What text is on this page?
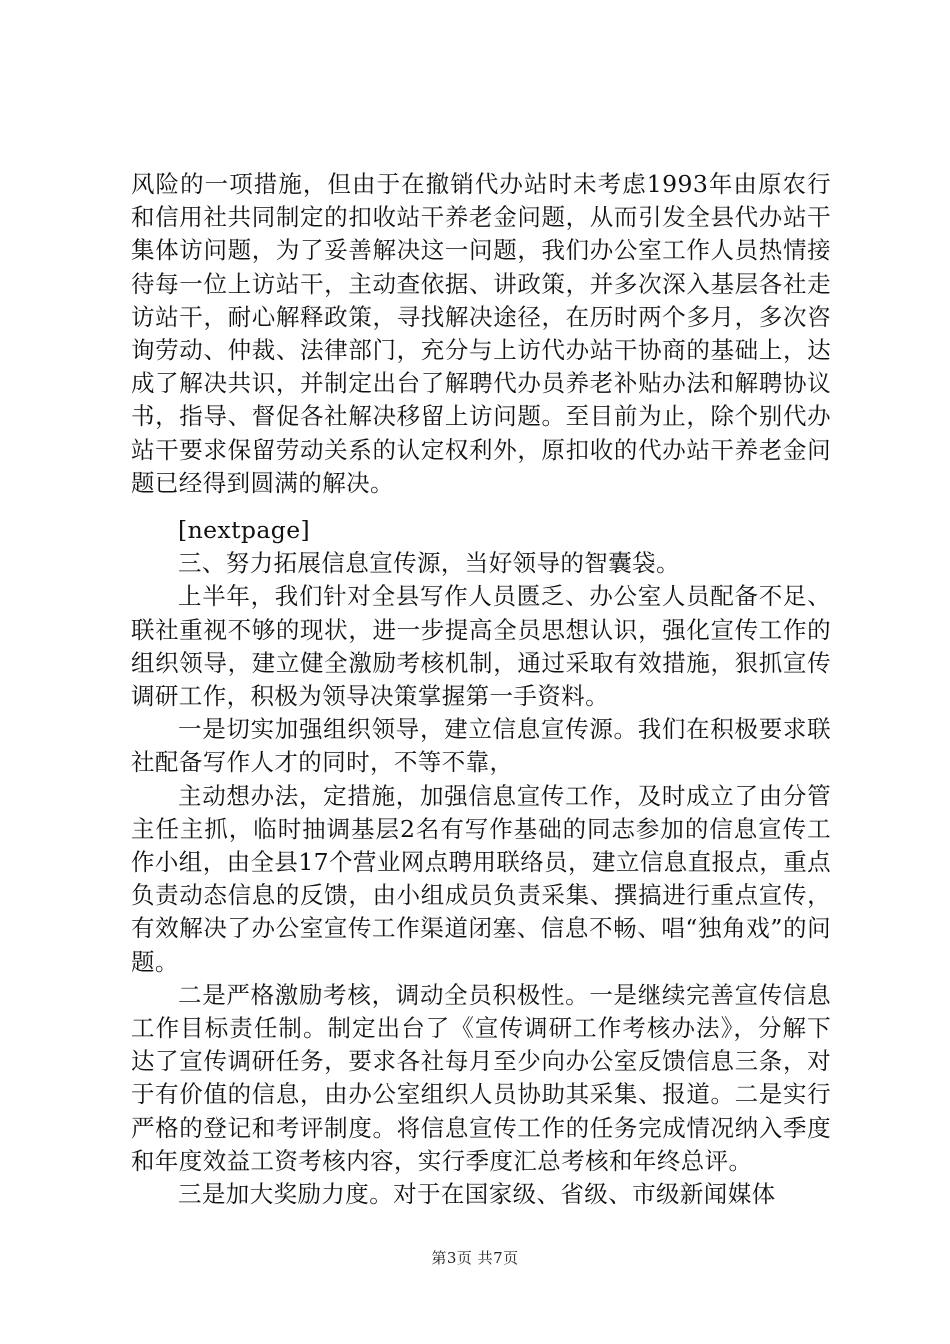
风险的一项措施，但由于在撤销代办站时未考虑1993年由原农行和信用社共同制定的扣收站干养老金问题，从而引发全县代办站干集体访问题，为了妥善解决这一问题，我们办公室工作人员热情接待每一位上访站干，主动查依据、讲政策，并多次深入基层各社走访站干，耐心解释政策，寻找解决途径，在历时两个多月，多次咨询劳动、仲裁、法律部门，充分与上访代办站干协商的基础上，达成了解决共识，并制定出台了解聘代办员养老补贴办法和解聘协议书，指导、督促各社解决移留上访问题。至目前为止，除个别代办站干要求保留劳动关系的认定权利外，原扣收的代办站干养老金问题已经得到圆满的解决。

[nextpage]

三、努力拓展信息宣传源，当好领导的智囊袋。

上半年，我们针对全县写作人员匮乏、办公室人员配备不足、联社重视不够的现状，进一步提高全员思想认识，强化宣传工作的组织领导，建立健全激励考核机制，通过采取有效措施，狠抓宣传调研工作，积极为领导决策掌握第一手资料。

一是切实加强组织领导，建立信息宣传源。我们在积极要求联社配备写作人才的同时，不等不靠，

主动想办法，定措施，加强信息宣传工作，及时成立了由分管主任主抓，临时抽调基层2名有写作基础的同志参加的信息宣传工作小组，由全县17个营业网点聘用联络员，建立信息直报点，重点负责动态信息的反馈，由小组成员负责采集、撰搞进行重点宣传，有效解决了办公室宣传工作渠道闭塞、信息不畅、唱“独角戏”的问题。

二是严格激励考核，调动全员积极性。一是继续完善宣传信息工作目标责任制。制定出台了《宣传调研工作考核办法》，分解下达了宣传调研任务，要求各社每月至少向办公室反馈信息三条，对于有价值的信息，由办公室组织人员协助其采集、报道。二是实行严格的登记和考评制度。将信息宣传工作的任务完成情况纳入季度和年度效益工资考核内容，实行季度汇总考核和年终总评。

三是加大奖励力度。对于在国家级、省级、市级新闻媒体

第3页 共7页
